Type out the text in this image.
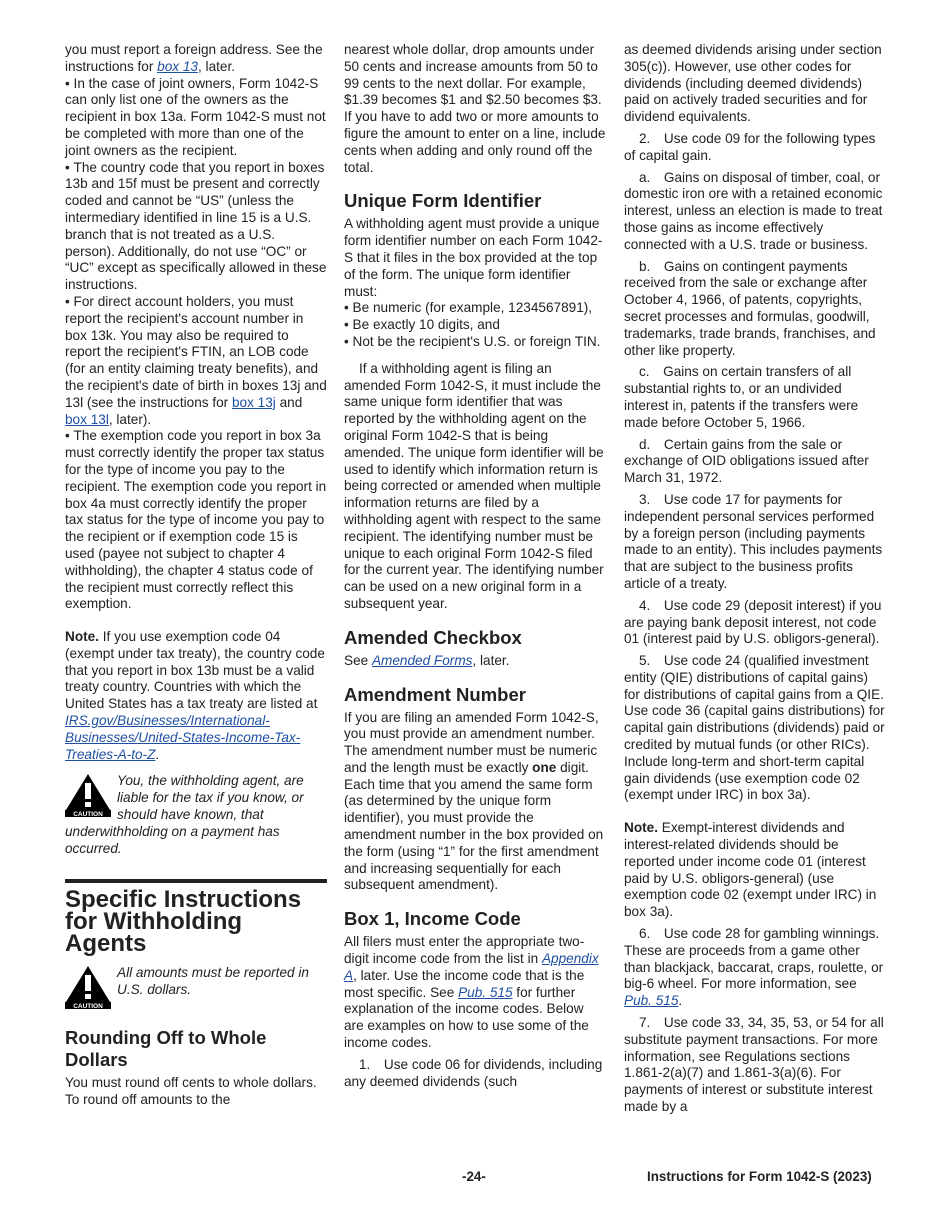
you must report a foreign address. See the instructions for box 13, later.

• In the case of joint owners, Form 1042-S can only list one of the owners as the recipient in box 13a. Form 1042-S must not be completed with more than one of the joint owners as the recipient.

• The country code that you report in boxes 13b and 15f must be present and correctly coded and cannot be “US” (unless the intermediary identified in line 15 is a U.S. branch that is not treated as a U.S. person). Additionally, do not use “OC” or “UC” except as specifically allowed in these instructions.

• For direct account holders, you must report the recipient's account number in box 13k. You may also be required to report the recipient's FTIN, an LOB code (for an entity claiming treaty benefits), and the recipient's date of birth in boxes 13j and 13l (see the instructions for box 13j and box 13l, later).

• The exemption code you report in box 3a must correctly identify the proper tax status for the type of income you pay to the recipient. The exemption code you report in box 4a must correctly identify the proper tax status for the type of income you pay to the recipient or if exemption code 15 is used (payee not subject to chapter 4 withholding), the chapter 4 status code of the recipient must correctly reflect this exemption.

Note. If you use exemption code 04 (exempt under tax treaty), the country code that you report in box 13b must be a valid treaty country. Countries with which the United States has a tax treaty are listed at IRS.gov/Businesses/International-Businesses/United-States-Income-Tax-Treaties-A-to-Z.

CAUTION
You, the withholding agent, are liable for the tax if you know, or should have known, that underwithholding on a payment has occurred.
Specific Instructions for Withholding Agents
CAUTION
All amounts must be reported in U.S. dollars.
Rounding Off to Whole Dollars

You must round off cents to whole dollars. To round off amounts to the

nearest whole dollar, drop amounts under 50 cents and increase amounts from 50 to 99 cents to the next dollar. For example, $1.39 becomes $1 and $2.50 becomes $3. If you have to add two or more amounts to figure the amount to enter on a line, include cents when adding and only round off the total.

Unique Form Identifier

A withholding agent must provide a unique form identifier number on each Form 1042-S that it files in the box provided at the top of the form. The unique form identifier must:

• Be numeric (for example, 1234567891),

• Be exactly 10 digits, and

• Not be the recipient's U.S. or foreign TIN.

If a withholding agent is filing an amended Form 1042-S, it must include the same unique form identifier that was reported by the withholding agent on the original Form 1042-S that is being amended. The unique form identifier will be used to identify which information return is being corrected or amended when multiple information returns are filed by a withholding agent with respect to the same recipient. The identifying number must be unique to each original Form 1042-S filed for the current year. The identifying number can be used on a new original form in a subsequent year.

Amended Checkbox

See Amended Forms, later.

Amendment Number

If you are filing an amended Form 1042-S, you must provide an amendment number. The amendment number must be numeric and the length must be exactly one digit. Each time that you amend the same form (as determined by the unique form identifier), you must provide the amendment number in the box provided on the form (using “1” for the first amendment and increasing sequentially for each subsequent amendment).

Box 1, Income Code

All filers must enter the appropriate two-digit income code from the list in Appendix A, later. Use the income code that is the most specific. See Pub. 515 for further explanation of the income codes. Below are examples on how to use some of the income codes.

1. Use code 06 for dividends, including any deemed dividends (such

as deemed dividends arising under section 305(c)). However, use other codes for dividends (including deemed dividends) paid on actively traded securities and for dividend equivalents.

2. Use code 09 for the following types of capital gain.

a. Gains on disposal of timber, coal, or domestic iron ore with a retained economic interest, unless an election is made to treat those gains as income effectively connected with a U.S. trade or business.

b. Gains on contingent payments received from the sale or exchange after October 4, 1966, of patents, copyrights, secret processes and formulas, goodwill, trademarks, trade brands, franchises, and other like property.

c. Gains on certain transfers of all substantial rights to, or an undivided interest in, patents if the transfers were made before October 5, 1966.

d. Certain gains from the sale or exchange of OID obligations issued after March 31, 1972.

3. Use code 17 for payments for independent personal services performed by a foreign person (including payments made to an entity). This includes payments that are subject to the business profits article of a treaty.

4. Use code 29 (deposit interest) if you are paying bank deposit interest, not code 01 (interest paid by U.S. obligors-general).

5. Use code 24 (qualified investment entity (QIE) distributions of capital gains) for distributions of capital gains from a QIE. Use code 36 (capital gains distributions) for capital gain distributions (dividends) paid or credited by mutual funds (or other RICs). Include long-term and short-term capital gain dividends (use exemption code 02 (exempt under IRC) in box 3a).

Note. Exempt-interest dividends and interest-related dividends should be reported under income code 01 (interest paid by U.S. obligors-general) (use exemption code 02 (exempt under IRC) in box 3a).

6. Use code 28 for gambling winnings. These are proceeds from a game other than blackjack, baccarat, craps, roulette, or big-6 wheel. For more information, see Pub. 515.

7. Use code 33, 34, 35, 53, or 54 for all substitute payment transactions. For more information, see Regulations sections 1.861-2(a)(7) and 1.861-3(a)(6). For payments of interest or substitute interest made by a

-24-	Instructions for Form 1042-S (2023)
